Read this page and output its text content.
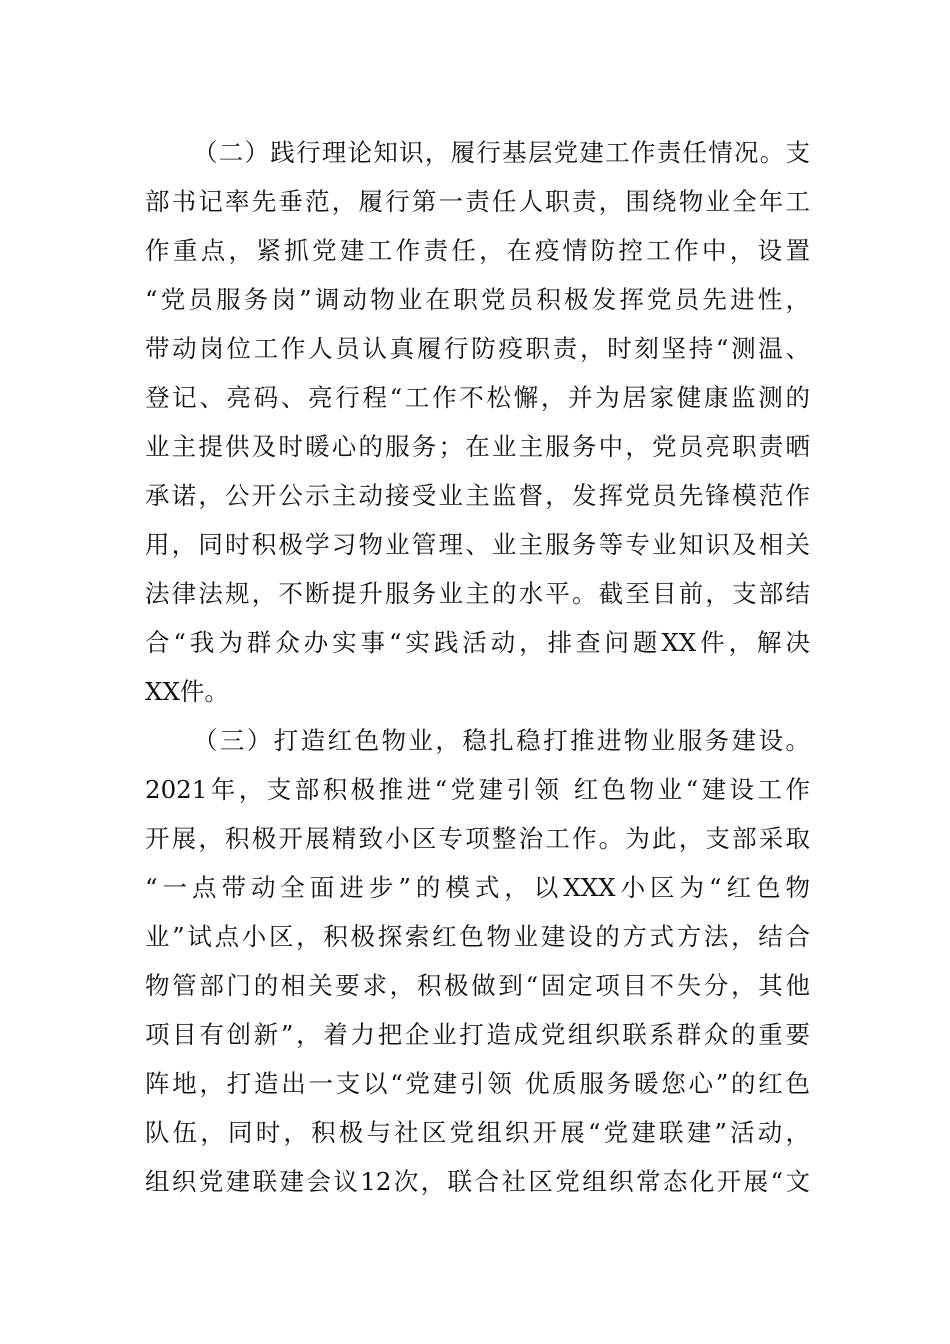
（二）践行理论知识，履行基层党建工作责任情况。支
部书记率先垂范，履行第一责任人职责，围绕物业全年工
作重点，紧抓党建工作责任，在疫情防控工作中，设置
“党员服务岗”调动物业在职党员积极发挥党员先进性，
带动岗位工作人员认真履行防疫职责，时刻坚持“测温、
登记、亮码、亮行程“工作不松懈，并为居家健康监测的
业主提供及时暖心的服务；在业主服务中，党员亮职责晒
承诺，公开公示主动接受业主监督，发挥党员先锋模范作
用，同时积极学习物业管理、业主服务等专业知识及相关
法律法规，不断提升服务业主的水平。截至目前，支部结
合“我为群众办实事“实践活动，排查问题XX件，解决
XX件。
（三）打造红色物业，稳扎稳打推进物业服务建设。
2021年，支部积极推进“党建引领 红色物业“建设工作
开展，积极开展精致小区专项整治工作。为此，支部采取
“一点带动全面进步”的模式，以XXX小区为“红色物
业”试点小区，积极探索红色物业建设的方式方法，结合
物管部门的相关要求，积极做到“固定项目不失分，其他
项目有创新”，着力把企业打造成党组织联系群众的重要
阵地，打造出一支以“党建引领 优质服务暖您心”的红色
队伍，同时，积极与社区党组织开展“党建联建”活动，
组织党建联建会议12次，联合社区党组织常态化开展“文
